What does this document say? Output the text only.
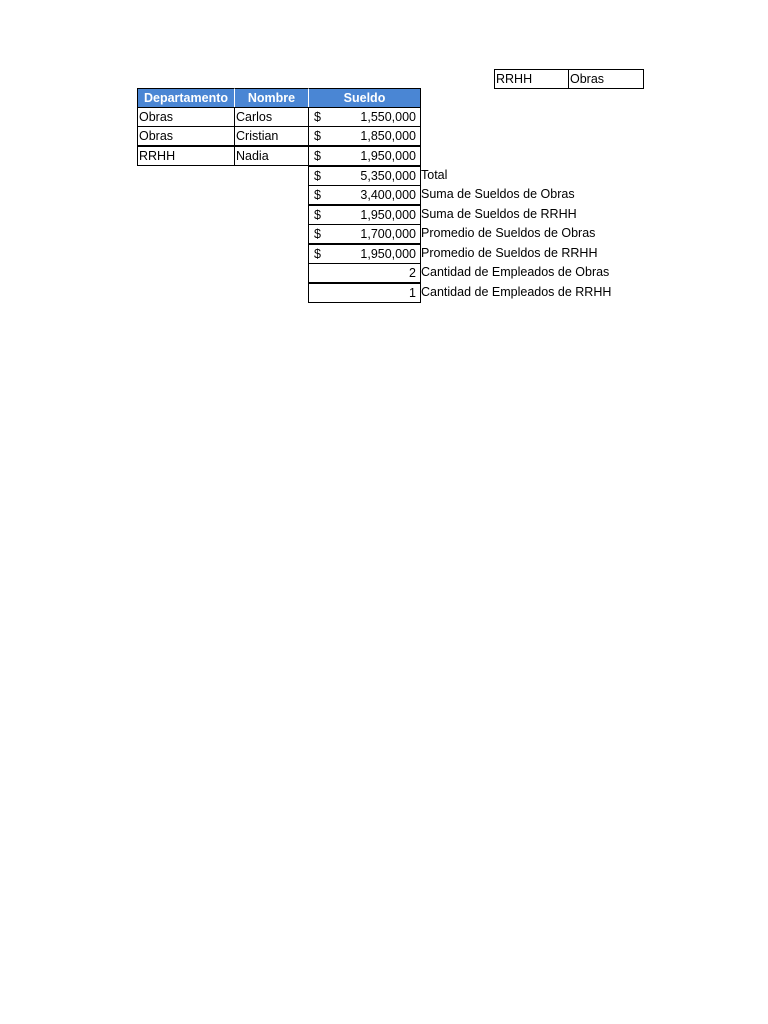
RRHH	Obras
Departamento	Nombre	Sueldo
Obras	Carlos	$	1,550,000
Obras	Cristian	$	1,850,000
RRHH	Nadia	$	1,950,000
$	5,350,000 Total
$	3,400,000 Suma de Sueldos de Obras
$	1,950,000 Suma de Sueldos de RRHH
$	1,700,000 Promedio de Sueldos de Obras
$	1,950,000 Promedio de Sueldos de RRHH
2 Cantidad de Empleados de Obras
1 Cantidad de Empleados de RRHH
